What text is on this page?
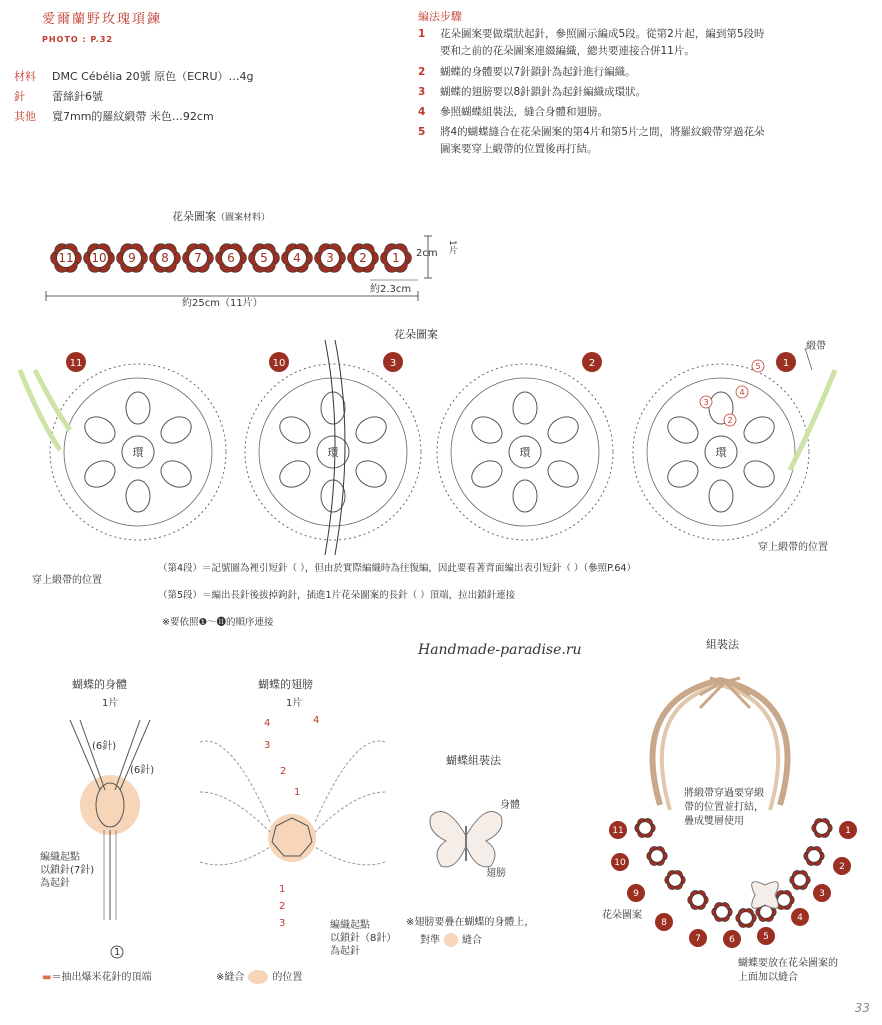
愛爾蘭野玫瑰項鍊
PHOTO : P.32
材料 DMC Cébélia 20號 原色（ECRU）…4g
針 蕾絲針6號
其他 寬7mm的羅紋緞帶 米色…92cm
編法步驟
1 花朵圖案要做環狀起針，參照圖示編成5段。從第2片起，編到第5段時
要和之前的花朵圖案連綴編織，總共要連接合併11片。
2 蝴蝶的身體要以7針鎖針為起針進行編織。
3 蝴蝶的翅膀要以8針鎖針為起針編織成環狀。
4 參照蝴蝶組裝法，縫合身體和翅膀。
5 將4的蝴蝶縫合在花朵圖案的第4片和第5片之間，將羅紋緞帶穿過花朵
圖案要穿上緞帶的位置後再打結。
花朵圖案（圖案材料）
11 10 9 8 7 6 5 4 3 2 1 2cm 1片
約2.3cm
約25cm（11片）
花朵圖案
環	環	環	環
11	10	3	2	1
5
4
3
2
緞帶
穿上緞帶的位置
穿上緞帶的位置
（第4段）＝記號圖為裡引短針（ ），但由於實際編織時為往復編，因此要看著背面編出表引短針（ ）（參照P.64）
（第5段）＝編出長針後拔掉鉤針，插進1片花朵圖案的長針（ ）頂端，拉出鎖針連接
※要依照❶～⓫的順序連接
Handmade-paradise.ru
蝴蝶的身體
1片
(6針)
(6針)
編織起點
以鎖針(7針)
為起針
1
▬＝抽出爆米花針的頂端
蝴蝶的翅膀
1片
4
3
2
1
1
2
3
4
編織起點
以鎖針（8針）
為起針
※縫合	的位置
蝴蝶組裝法
身體
翅膀
※翅膀要疊在蝴蝶的身體上，
對準 縫合
組裝法
11
10
9
8
7	6
1
2
3
4
5
將緞帶穿過要穿緞
帶的位置並打結，
疊成雙層使用
花朵圖案
蝴蝶要放在花朵圖案的
上面加以縫合
33
